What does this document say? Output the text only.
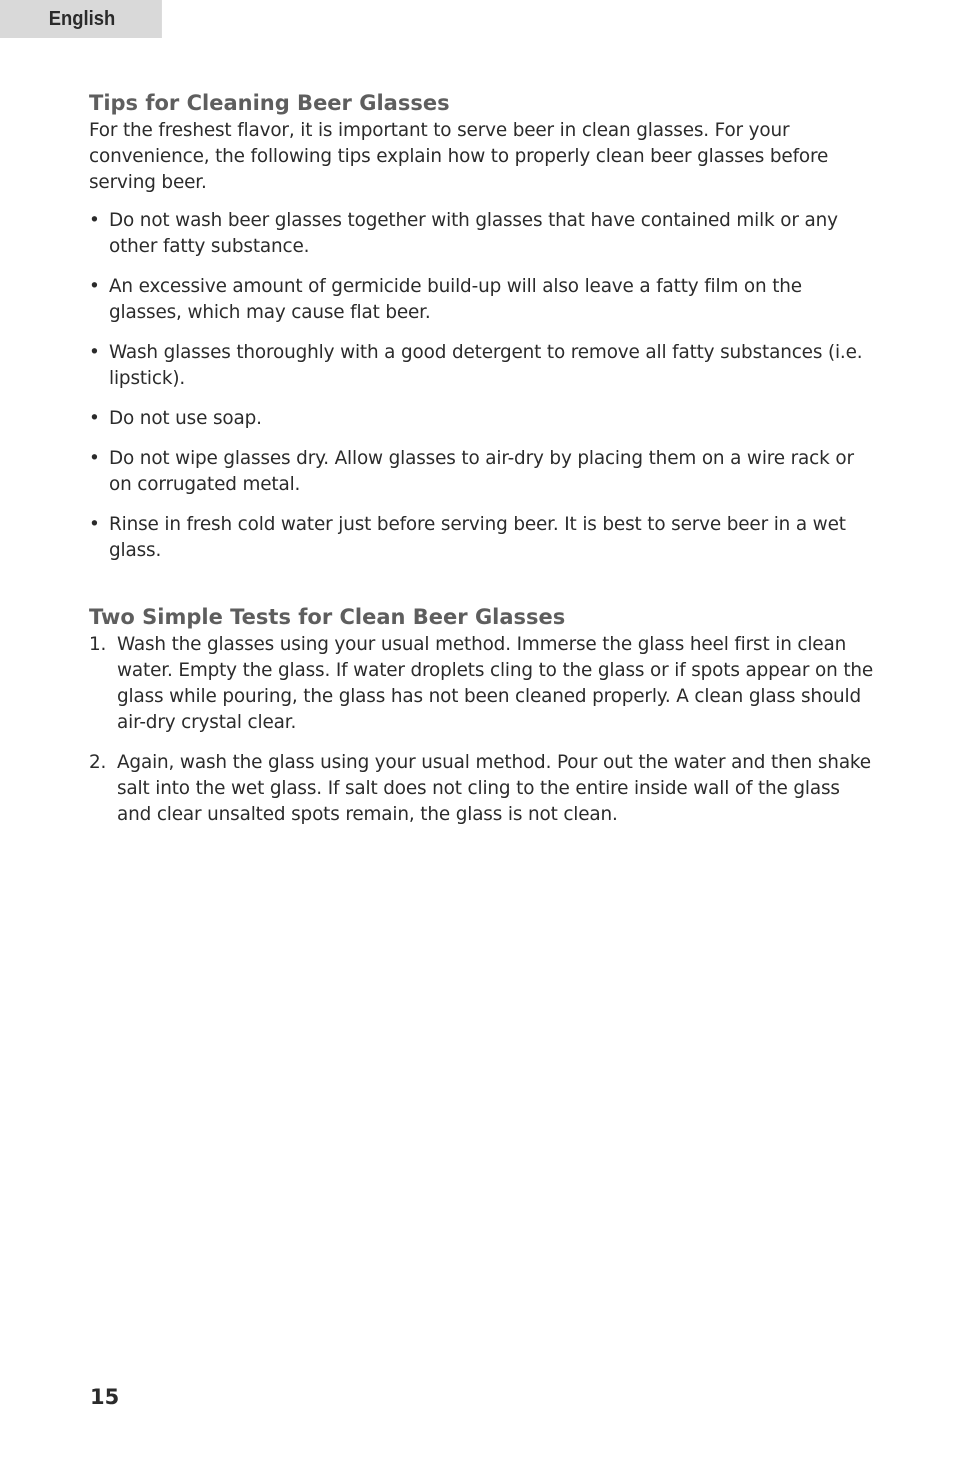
English
Tips for Cleaning Beer Glasses

For the freshest flavor, it is important to serve beer in clean glasses. For your convenience, the following tips explain how to properly clean beer glasses before serving beer.

• Do not wash beer glasses together with glasses that have contained milk or any other fatty substance.
• An excessive amount of germicide build-up will also leave a fatty film on the glasses, which may cause flat beer.
• Wash glasses thoroughly with a good detergent to remove all fatty substances (i.e. lipstick).
• Do not use soap.
• Do not wipe glasses dry. Allow glasses to air-dry by placing them on a wire rack or on corrugated metal.
• Rinse in fresh cold water just before serving beer. It is best to serve beer in a wet glass.
Two Simple Tests for Clean Beer Glasses
1. Wash the glasses using your usual method. Immerse the glass heel first in clean water. Empty the glass. If water droplets cling to the glass or if spots appear on the glass while pouring, the glass has not been cleaned properly. A clean glass should air-dry crystal clear.
2. Again, wash the glass using your usual method. Pour out the water and then shake salt into the wet glass. If salt does not cling to the entire inside wall of the glass and clear unsalted spots remain, the glass is not clean.
15
